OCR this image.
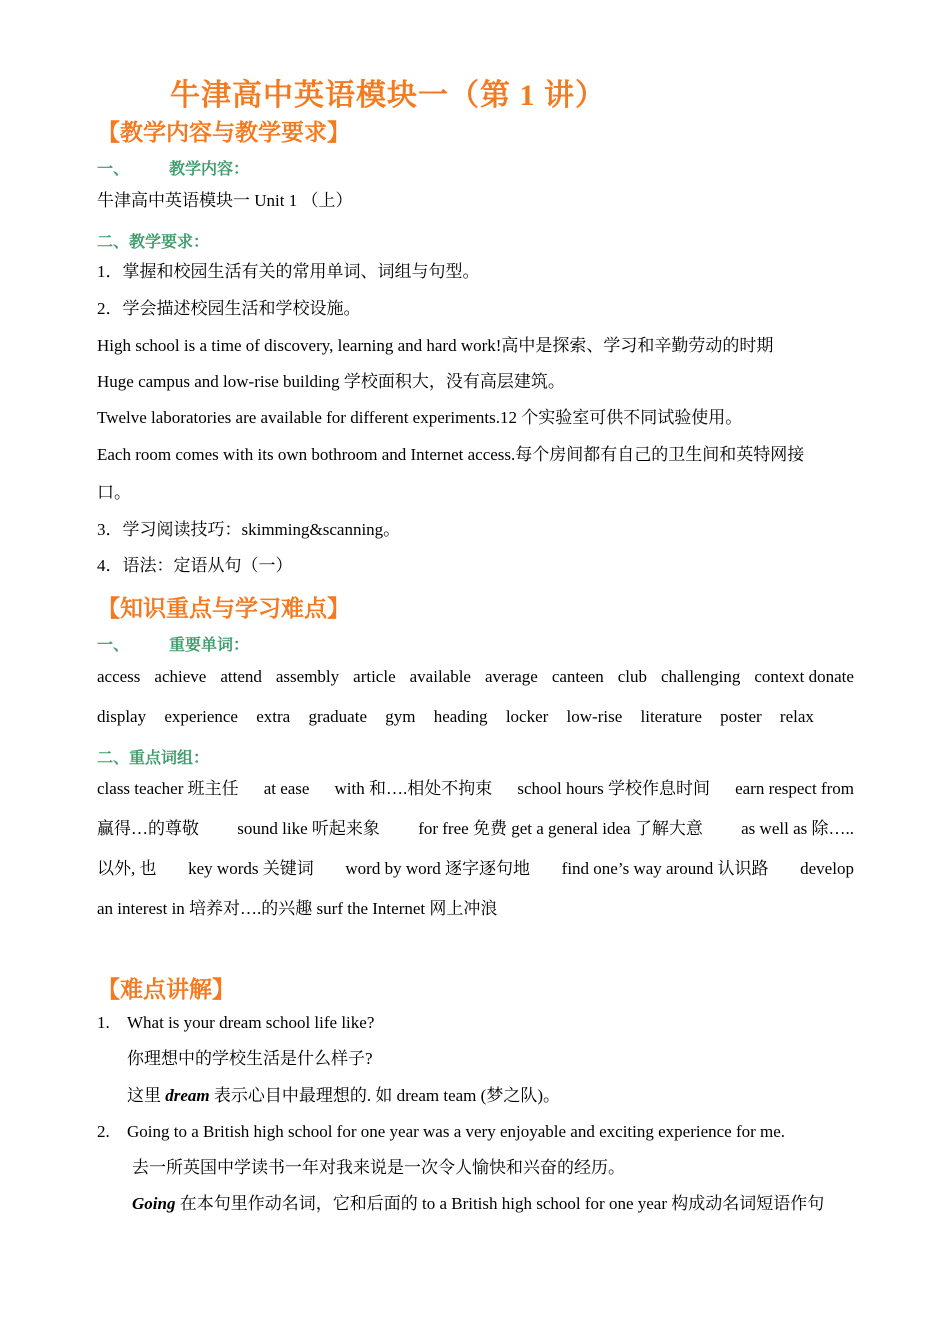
牛津高中英语模块一（第 1 讲）
【教学内容与教学要求】
一、 教学内容：
牛津高中英语模块一 Unit 1 （上）
二、教学要求：
1．掌握和校园生活有关的常用单词、词组与句型。
2．学会描述校园生活和学校设施。
High school is a time of discovery, learning and hard work!高中是探索、学习和辛勤劳动的时期
Huge campus and low-rise building 学校面积大，没有高层建筑。
Twelve laboratories are available for different experiments.12 个实验室可供不同试验使用。
Each room comes with its own bothroom and Internet access.每个房间都有自己的卫生间和英特网接
口。
3．学习阅读技巧：skimming&scanning。
4．语法：定语从句（一）
【知识重点与学习难点】
一、 重要单词：
access achieve attend assembly article available average canteen club challenging context donate
display experience extra graduate gym heading locker low-rise literature poster relax
二、重点词组：
class teacher 班主任 at ease with 和….相处不拘束 school hours 学校作息时间 earn respect from
赢得…的尊敬 sound like 听起来象 for free 免费 get a general idea 了解大意 as well as 除…..
以外, 也 key words 关键词 word by word 逐字逐句地 find one’s way around 认识路 develop
an interest in 培养对….的兴趣 surf the Internet 网上冲浪
【难点讲解】
1. What is your dream school life like?
你理想中的学校生活是什么样子?
这里 dream 表示心目中最理想的. 如 dream team (梦之队)。
2. Going to a British high school for one year was a very enjoyable and exciting experience for me.
去一所英国中学读书一年对我来说是一次令人愉快和兴奋的经历。
Going 在本句里作动名词，它和后面的 to a British high school for one year 构成动名词短语作句
